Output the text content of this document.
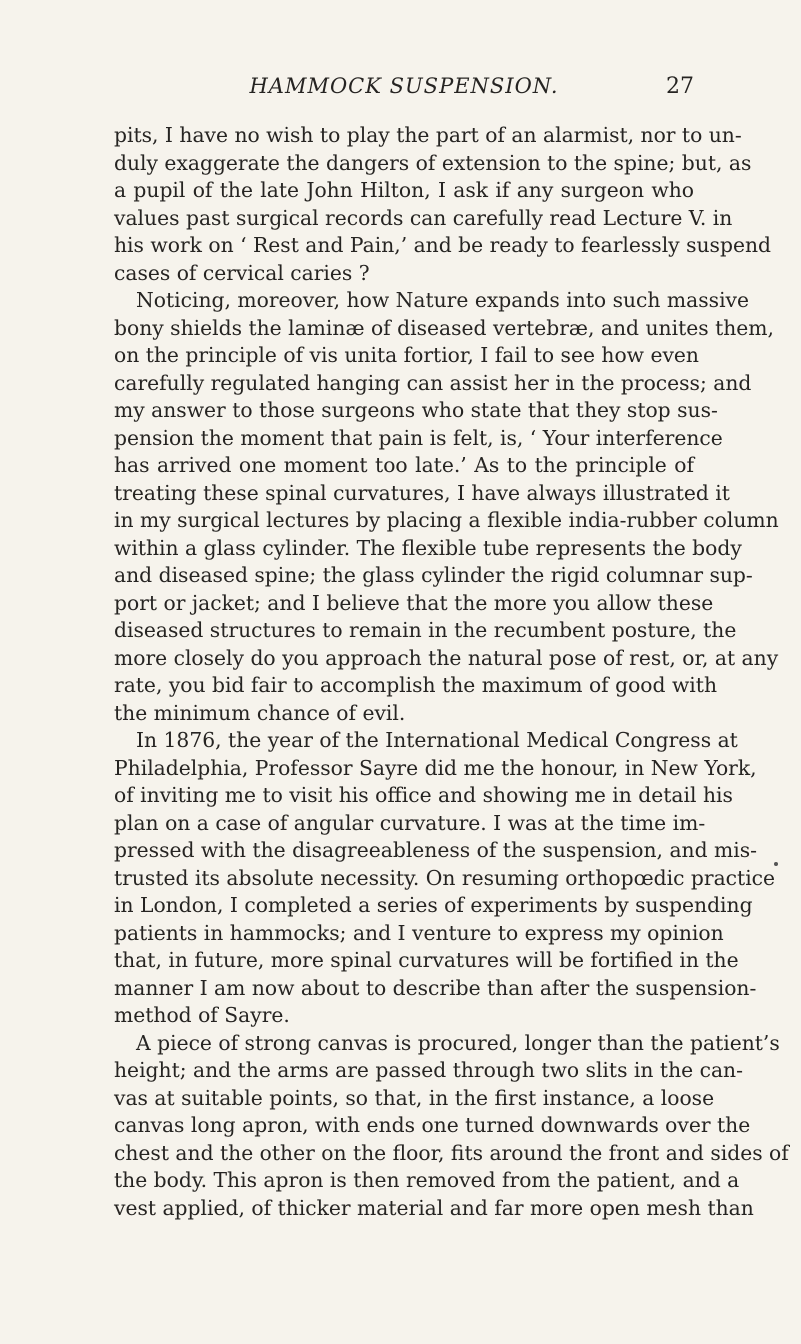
HAMMOCK SUSPENSION.	27
pits, I have no wish to play the part of an alarmist, nor to un-
duly exaggerate the dangers of extension to the spine; but, as
a pupil of the late John Hilton, I ask if any surgeon who
values past surgical records can carefully read Lecture V. in
his work on ‘ Rest and Pain,’ and be ready to fearlessly suspend
cases of cervical caries ?
Noticing, moreover, how Nature expands into such massive
bony shields the laminæ of diseased vertebræ, and unites them,
on the principle of vis unita fortior, I fail to see how even
carefully regulated hanging can assist her in the process; and
my answer to those surgeons who state that they stop sus-
pension the moment that pain is felt, is, ‘ Your interference
has arrived one moment too late.’ As to the principle of
treating these spinal curvatures, I have always illustrated it
in my surgical lectures by placing a flexible india-rubber column
within a glass cylinder. The flexible tube represents the body
and diseased spine; the glass cylinder the rigid columnar sup-
port or jacket; and I believe that the more you allow these
diseased structures to remain in the recumbent posture, the
more closely do you approach the natural pose of rest, or, at any
rate, you bid fair to accomplish the maximum of good with
the minimum chance of evil.
In 1876, the year of the International Medical Congress at
Philadelphia, Professor Sayre did me the honour, in New York,
of inviting me to visit his office and showing me in detail his
plan on a case of angular curvature. I was at the time im-
pressed with the disagreeableness of the suspension, and mis-
trusted its absolute necessity. On resuming orthopœdic practice
in London, I completed a series of experiments by suspending
patients in hammocks; and I venture to express my opinion
that, in future, more spinal curvatures will be fortified in the
manner I am now about to describe than after the suspension-
method of Sayre.
A piece of strong canvas is procured, longer than the patient’s
height; and the arms are passed through two slits in the can-
vas at suitable points, so that, in the first instance, a loose
canvas long apron, with ends one turned downwards over the
chest and the other on the floor, fits around the front and sides of
the body. This apron is then removed from the patient, and a
vest applied, of thicker material and far more open mesh than
